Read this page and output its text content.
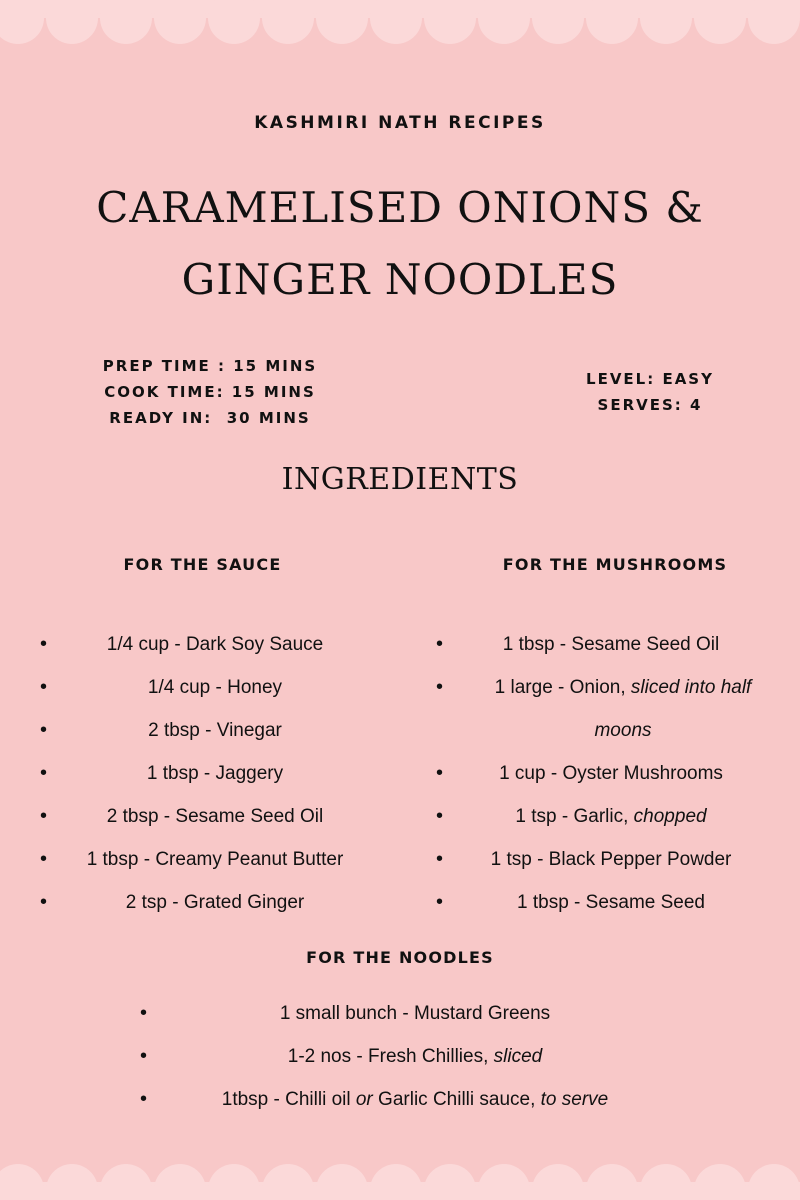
KASHMIRI NATH RECIPES
CARAMELISED ONIONS &
GINGER NOODLES
PREP TIME : 15 MINS
COOK TIME: 15 MINS
READY IN:  30 MINS
LEVEL: EASY
SERVES: 4
INGREDIENTS
FOR THE SAUCE
•	1/4 cup - Dark Soy Sauce
•	1/4 cup - Honey
•	2 tbsp - Vinegar
•	1 tbsp - Jaggery
•	2 tbsp - Sesame Seed Oil
• 1 tbsp - Creamy Peanut Butter
•	2 tsp - Grated Ginger
FOR THE MUSHROOMS
•	1 tbsp - Sesame Seed Oil
•	1 large - Onion, sliced into half moons
•	1 cup - Oyster Mushrooms
•	1 tsp - Garlic, chopped
•	1 tsp - Black Pepper Powder
•	1 tbsp - Sesame Seed
FOR THE NOODLES
•	1 small bunch - Mustard Greens
•	1-2 nos - Fresh Chillies, sliced
•	1tbsp - Chilli oil or Garlic Chilli sauce, to serve
